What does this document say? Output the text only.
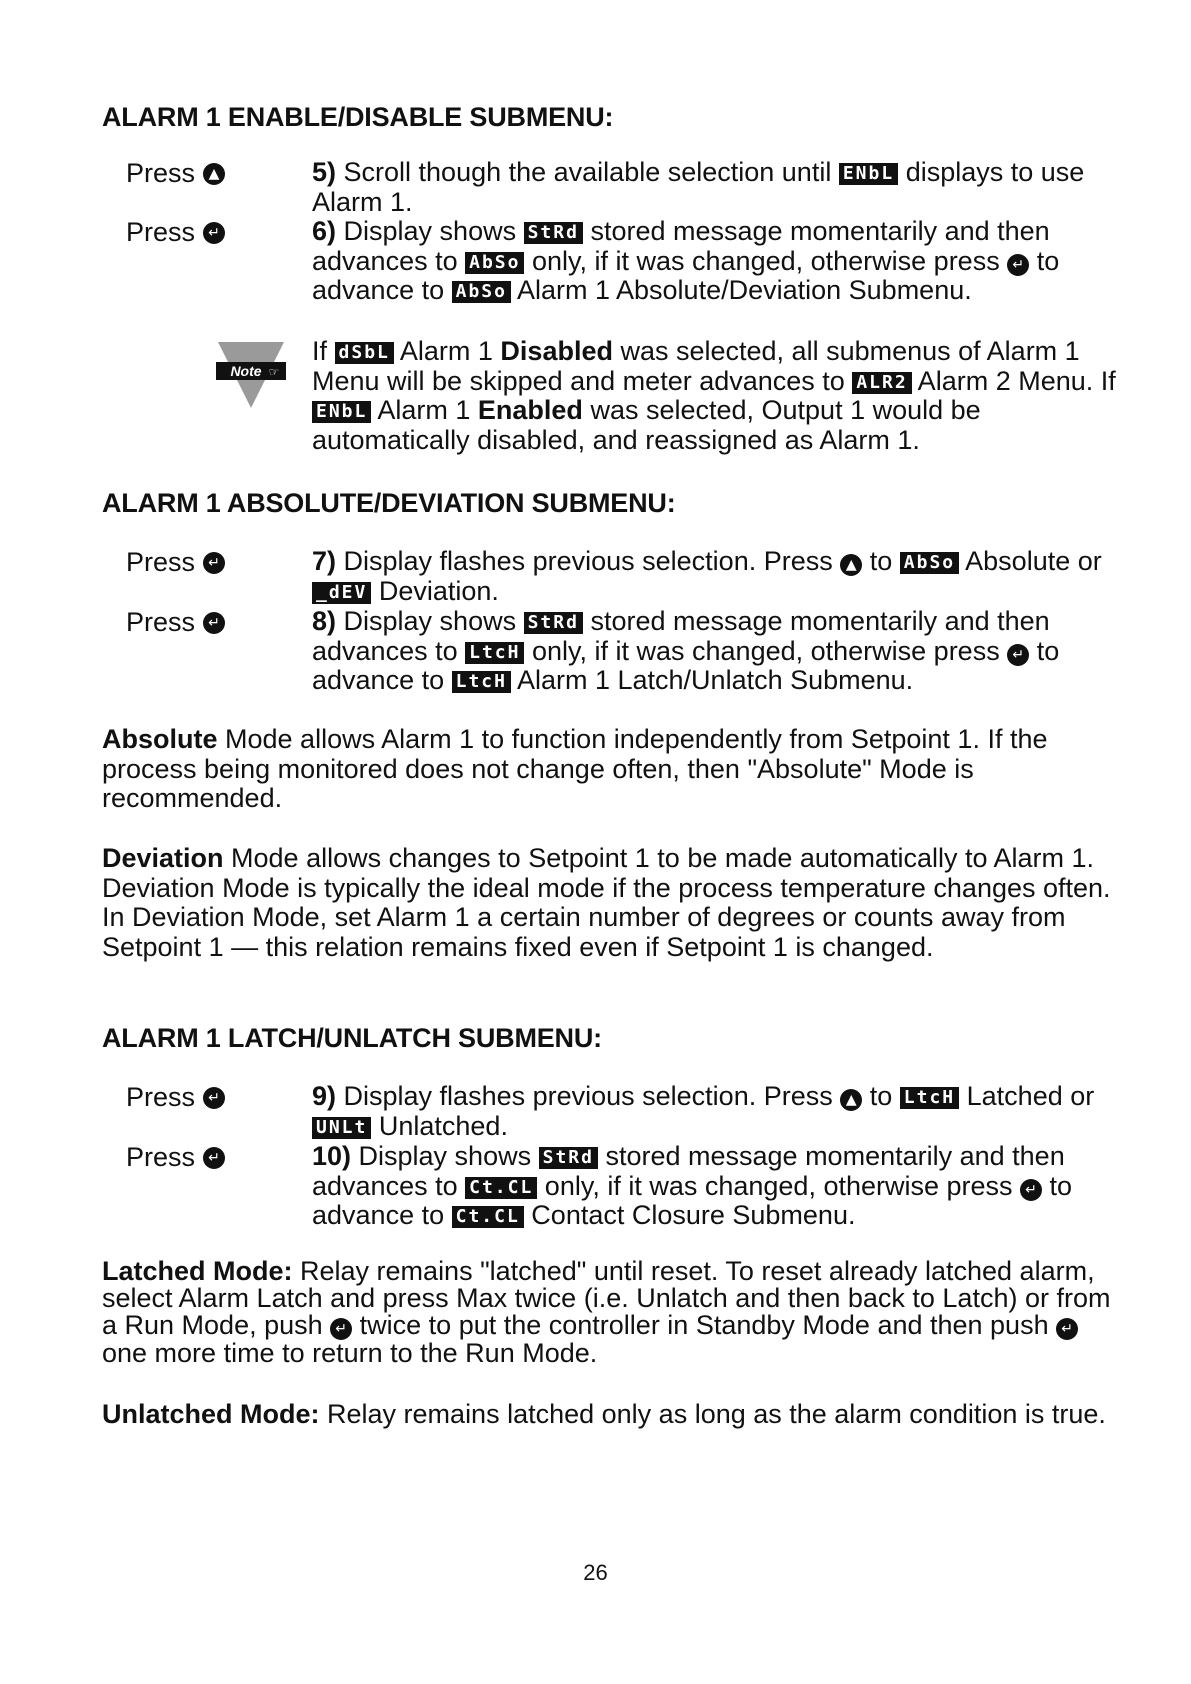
ALARM 1 ENABLE/DISABLE SUBMENU:
Press ▲	5) Scroll though the available selection until ENbL displays to use Alarm 1.
Press ↵	6) Display shows StRd stored message momentarily and then advances to AbSo only, if it was changed, otherwise press ↵ to advance to AbSo Alarm 1 Absolute/Deviation Submenu.
Note ☞
If dSbL Alarm 1 Disabled was selected, all submenus of Alarm 1 Menu will be skipped and meter advances to ALR2 Alarm 2 Menu. If ENbL Alarm 1 Enabled was selected, Output 1 would be automatically disabled, and reassigned as Alarm 1.
ALARM 1 ABSOLUTE/DEVIATION SUBMENU:
Press ↵	7) Display flashes previous selection. Press ▲ to AbSo Absolute or _dEV Deviation.
Press ↵	8) Display shows StRd stored message momentarily and then advances to LtcH only, if it was changed, otherwise press ↵ to advance to LtcH Alarm 1 Latch/Unlatch Submenu.
Absolute Mode allows Alarm 1 to function independently from Setpoint 1. If the process being monitored does not change often, then "Absolute" Mode is recommended.
Deviation Mode allows changes to Setpoint 1 to be made automatically to Alarm 1. Deviation Mode is typically the ideal mode if the process temperature changes often. In Deviation Mode, set Alarm 1 a certain number of degrees or counts away from Setpoint 1 — this relation remains fixed even if Setpoint 1 is changed.
ALARM 1 LATCH/UNLATCH SUBMENU:
Press ↵	9) Display flashes previous selection. Press ▲ to LtcH Latched or UNLt Unlatched.
Press ↵	10) Display shows StRd stored message momentarily and then advances to Ct.CL only, if it was changed, otherwise press ↵ to advance to Ct.CL Contact Closure Submenu.
Latched Mode: Relay remains "latched" until reset. To reset already latched alarm, select Alarm Latch and press Max twice (i.e. Unlatch and then back to Latch) or from a Run Mode, push ↵ twice to put the controller in Standby Mode and then push ↵one more time to return to the Run Mode.
Unlatched Mode: Relay remains latched only as long as the alarm condition is true.
26
